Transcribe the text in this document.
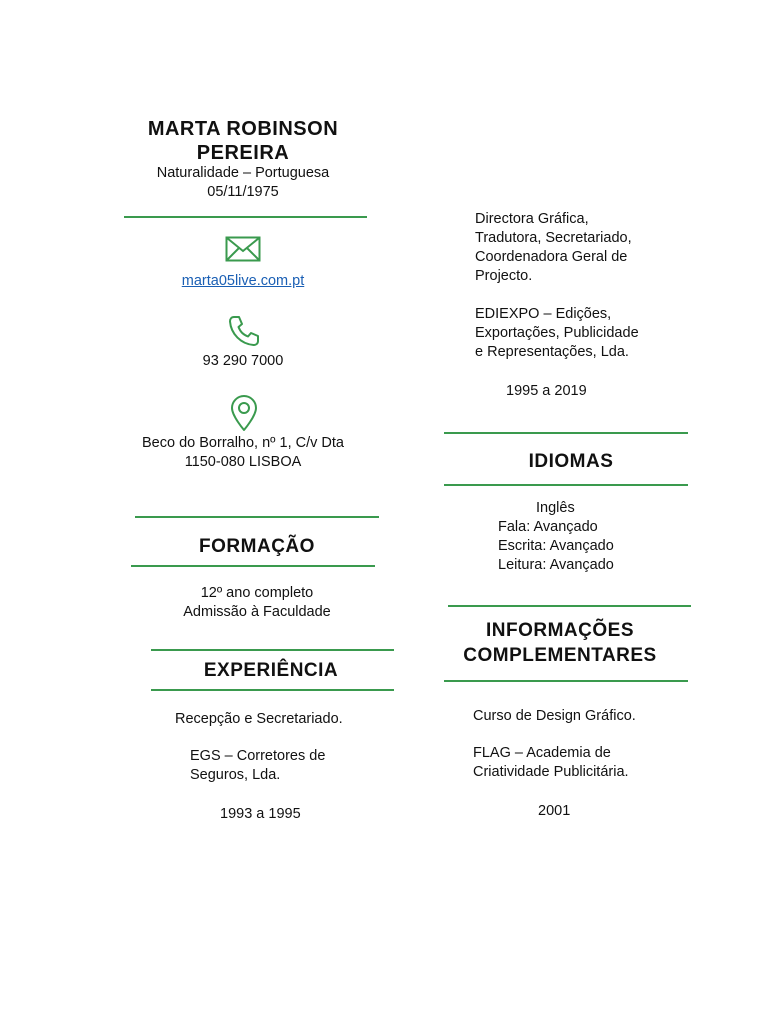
MARTA ROBINSON
PEREIRA
Naturalidade – Portuguesa
05/11/1975
marta05live.com.pt
93 290 7000
Beco do Borralho, nº 1, C/v Dta
1150-080 LISBOA
FORMAÇÃO
12º ano completo
Admissão à Faculdade
EXPERIÊNCIA
Recepção e Secretariado.
EGS – Corretores de
Seguros, Lda.
1993 a 1995
Directora Gráfica,
Tradutora, Secretariado,
Coordenadora Geral de
Projecto.
EDIEXPO – Edições,
Exportações, Publicidade
e Representações, Lda.
1995 a 2019
IDIOMAS
Inglês
Fala: Avançado
Escrita: Avançado
Leitura: Avançado
INFORMAÇÕES
COMPLEMENTARES
Curso de Design Gráfico.
FLAG – Academia de
Criatividade Publicitária.
2001
